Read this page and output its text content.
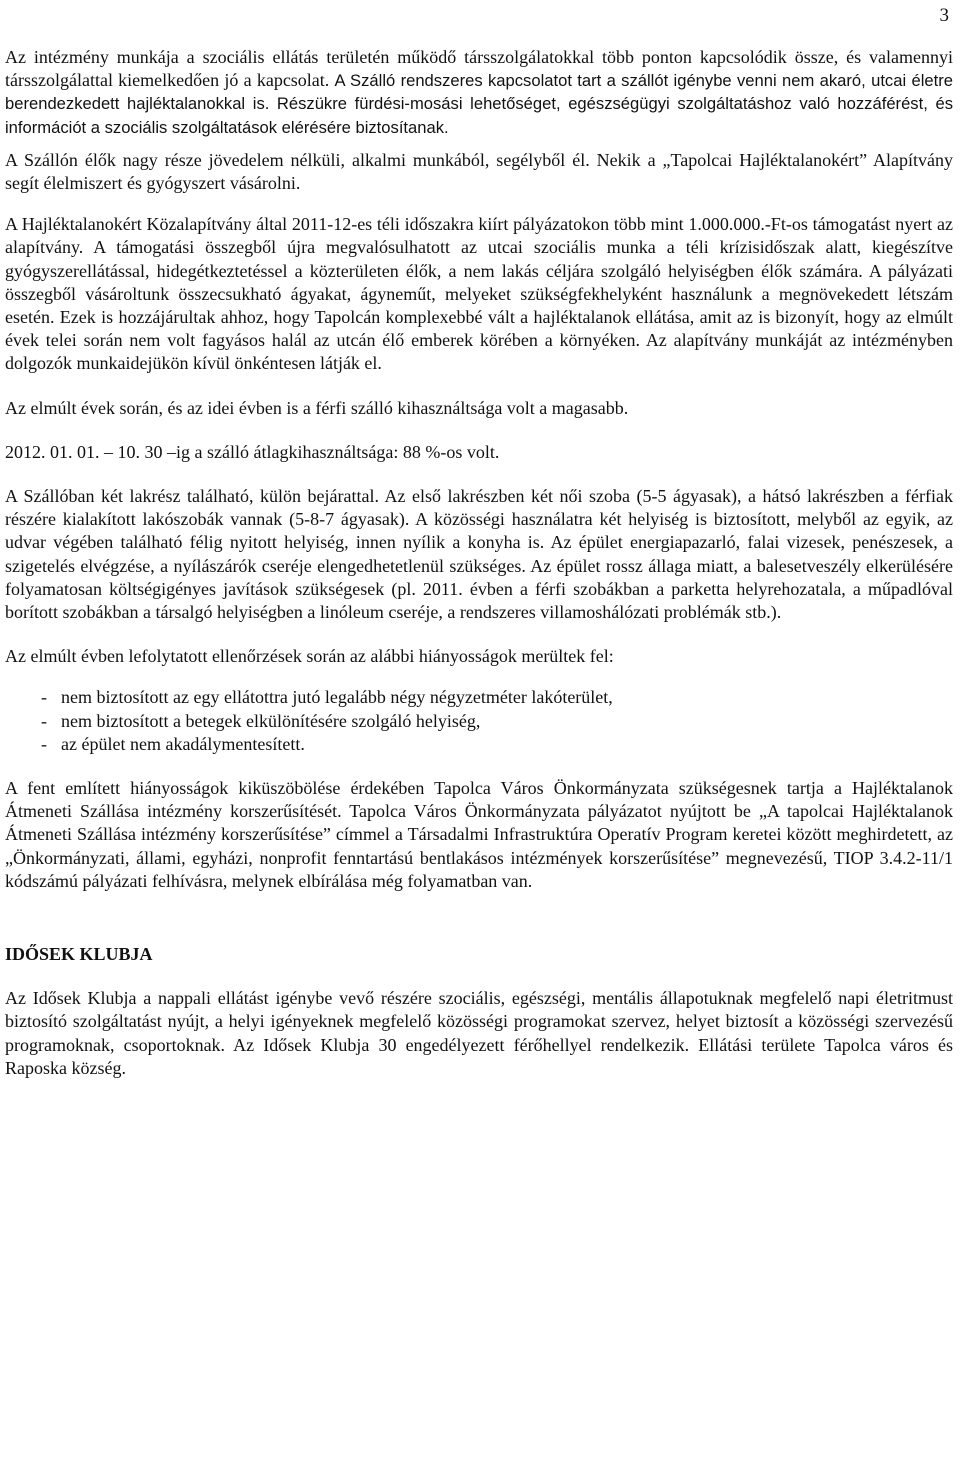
3

Az intézmény munkája a szociális ellátás területén működő társszolgálatokkal több ponton kapcsolódik össze, és valamennyi társszolgálattal kiemelkedően jó a kapcsolat. A Szálló rendszeres kapcsolatot tart a szállót igénybe venni nem akaró, utcai életre berendezkedett hajléktalanokkal is. Részükre fürdési-mosási lehetőséget, egészségügyi szolgáltatáshoz való hozzáférést, és információt a szociális szolgáltatások elérésére biztosítanak.

A Szállón élők nagy része jövedelem nélküli, alkalmi munkából, segélyből él. Nekik a „Tapolcai Hajléktalanokért” Alapítvány segít élelmiszert és gyógyszert vásárolni.

A Hajléktalanokért Közalapítvány által 2011-12-es téli időszakra kiírt pályázatokon több mint 1.000.000.-Ft-os támogatást nyert az alapítvány. A támogatási összegből újra megvalósulhatott az utcai szociális munka a téli krízisidőszak alatt, kiegészítve gyógyszerellátással, hidegétkeztetéssel a közterületen élők, a nem lakás céljára szolgáló helyiségben élők számára. A pályázati összegből vásároltunk összecsukható ágyakat, ágyneműt, melyeket szükségfekhelyként használunk a megnövekedett létszám esetén. Ezek is hozzájárultak ahhoz, hogy Tapolcán komplexebbé vált a hajléktalanok ellátása, amit az is bizonyít, hogy az elmúlt évek telei során nem volt fagyásos halál az utcán élő emberek körében a környéken. Az alapítvány munkáját az intézményben dolgozók munkaidejükön kívül önkéntesen látják el.

Az elmúlt évek során, és az idei évben is a férfi szálló kihasználtsága volt a magasabb.

2012. 01. 01. – 10. 30 –ig a szálló átlagkihasználtsága: 88 %-os volt.

A Szállóban két lakrész található, külön bejárattal. Az első lakrészben két női szoba (5-5 ágyasak), a hátsó lakrészben a férfiak részére kialakított lakószobák vannak (5-8-7 ágyasak). A közösségi használatra két helyiség is biztosított, melyből az egyik, az udvar végében található félig nyitott helyiség, innen nyílik a konyha is. Az épület energiapazarló, falai vizesek, penészesek, a szigetelés elvégzése, a nyílászárók cseréje elengedhetetlenül szükséges. Az épület rossz állaga miatt, a balesetveszély elkerülésére folyamatosan költségigényes javítások szükségesek (pl. 2011. évben a férfi szobákban a parketta helyrehozatala, a műpadlóval borított szobákban a társalgó helyiségben a linóleum cseréje, a rendszeres villamoshálózati problémák stb.).

Az elmúlt évben lefolytatott ellenőrzések során az alábbi hiányosságok merültek fel:

- nem biztosított az egy ellátottra jutó legalább négy négyzetméter lakóterület,
- nem biztosított a betegek elkülönítésére szolgáló helyiség,
- az épület nem akadálymentesített.

A fent említett hiányosságok kiküszöbölése érdekében Tapolca Város Önkormányzata szükségesnek tartja a Hajléktalanok Átmeneti Szállása intézmény korszerűsítését. Tapolca Város Önkormányzata pályázatot nyújtott be „A tapolcai Hajléktalanok Átmeneti Szállása intézmény korszerűsítése” címmel a Társadalmi Infrastruktúra Operatív Program keretei között meghirdetett, az „Önkormányzati, állami, egyházi, nonprofit fenntartású bentlakásos intézmények korszerűsítése” megnevezésű, TIOP 3.4.2-11/1 kódszámú pályázati felhívásra, melynek elbírálása még folyamatban van.

IDŐSEK KLUBJA

Az Idősek Klubja a nappali ellátást igénybe vevő részére szociális, egészségi, mentális állapotuknak megfelelő napi életritmust biztosító szolgáltatást nyújt, a helyi igényeknek megfelelő közösségi programokat szervez, helyet biztosít a közösségi szervezésű programoknak, csoportoknak. Az Idősek Klubja 30 engedélyezett férőhellyel rendelkezik. Ellátási területe Tapolca város és Raposka község.
